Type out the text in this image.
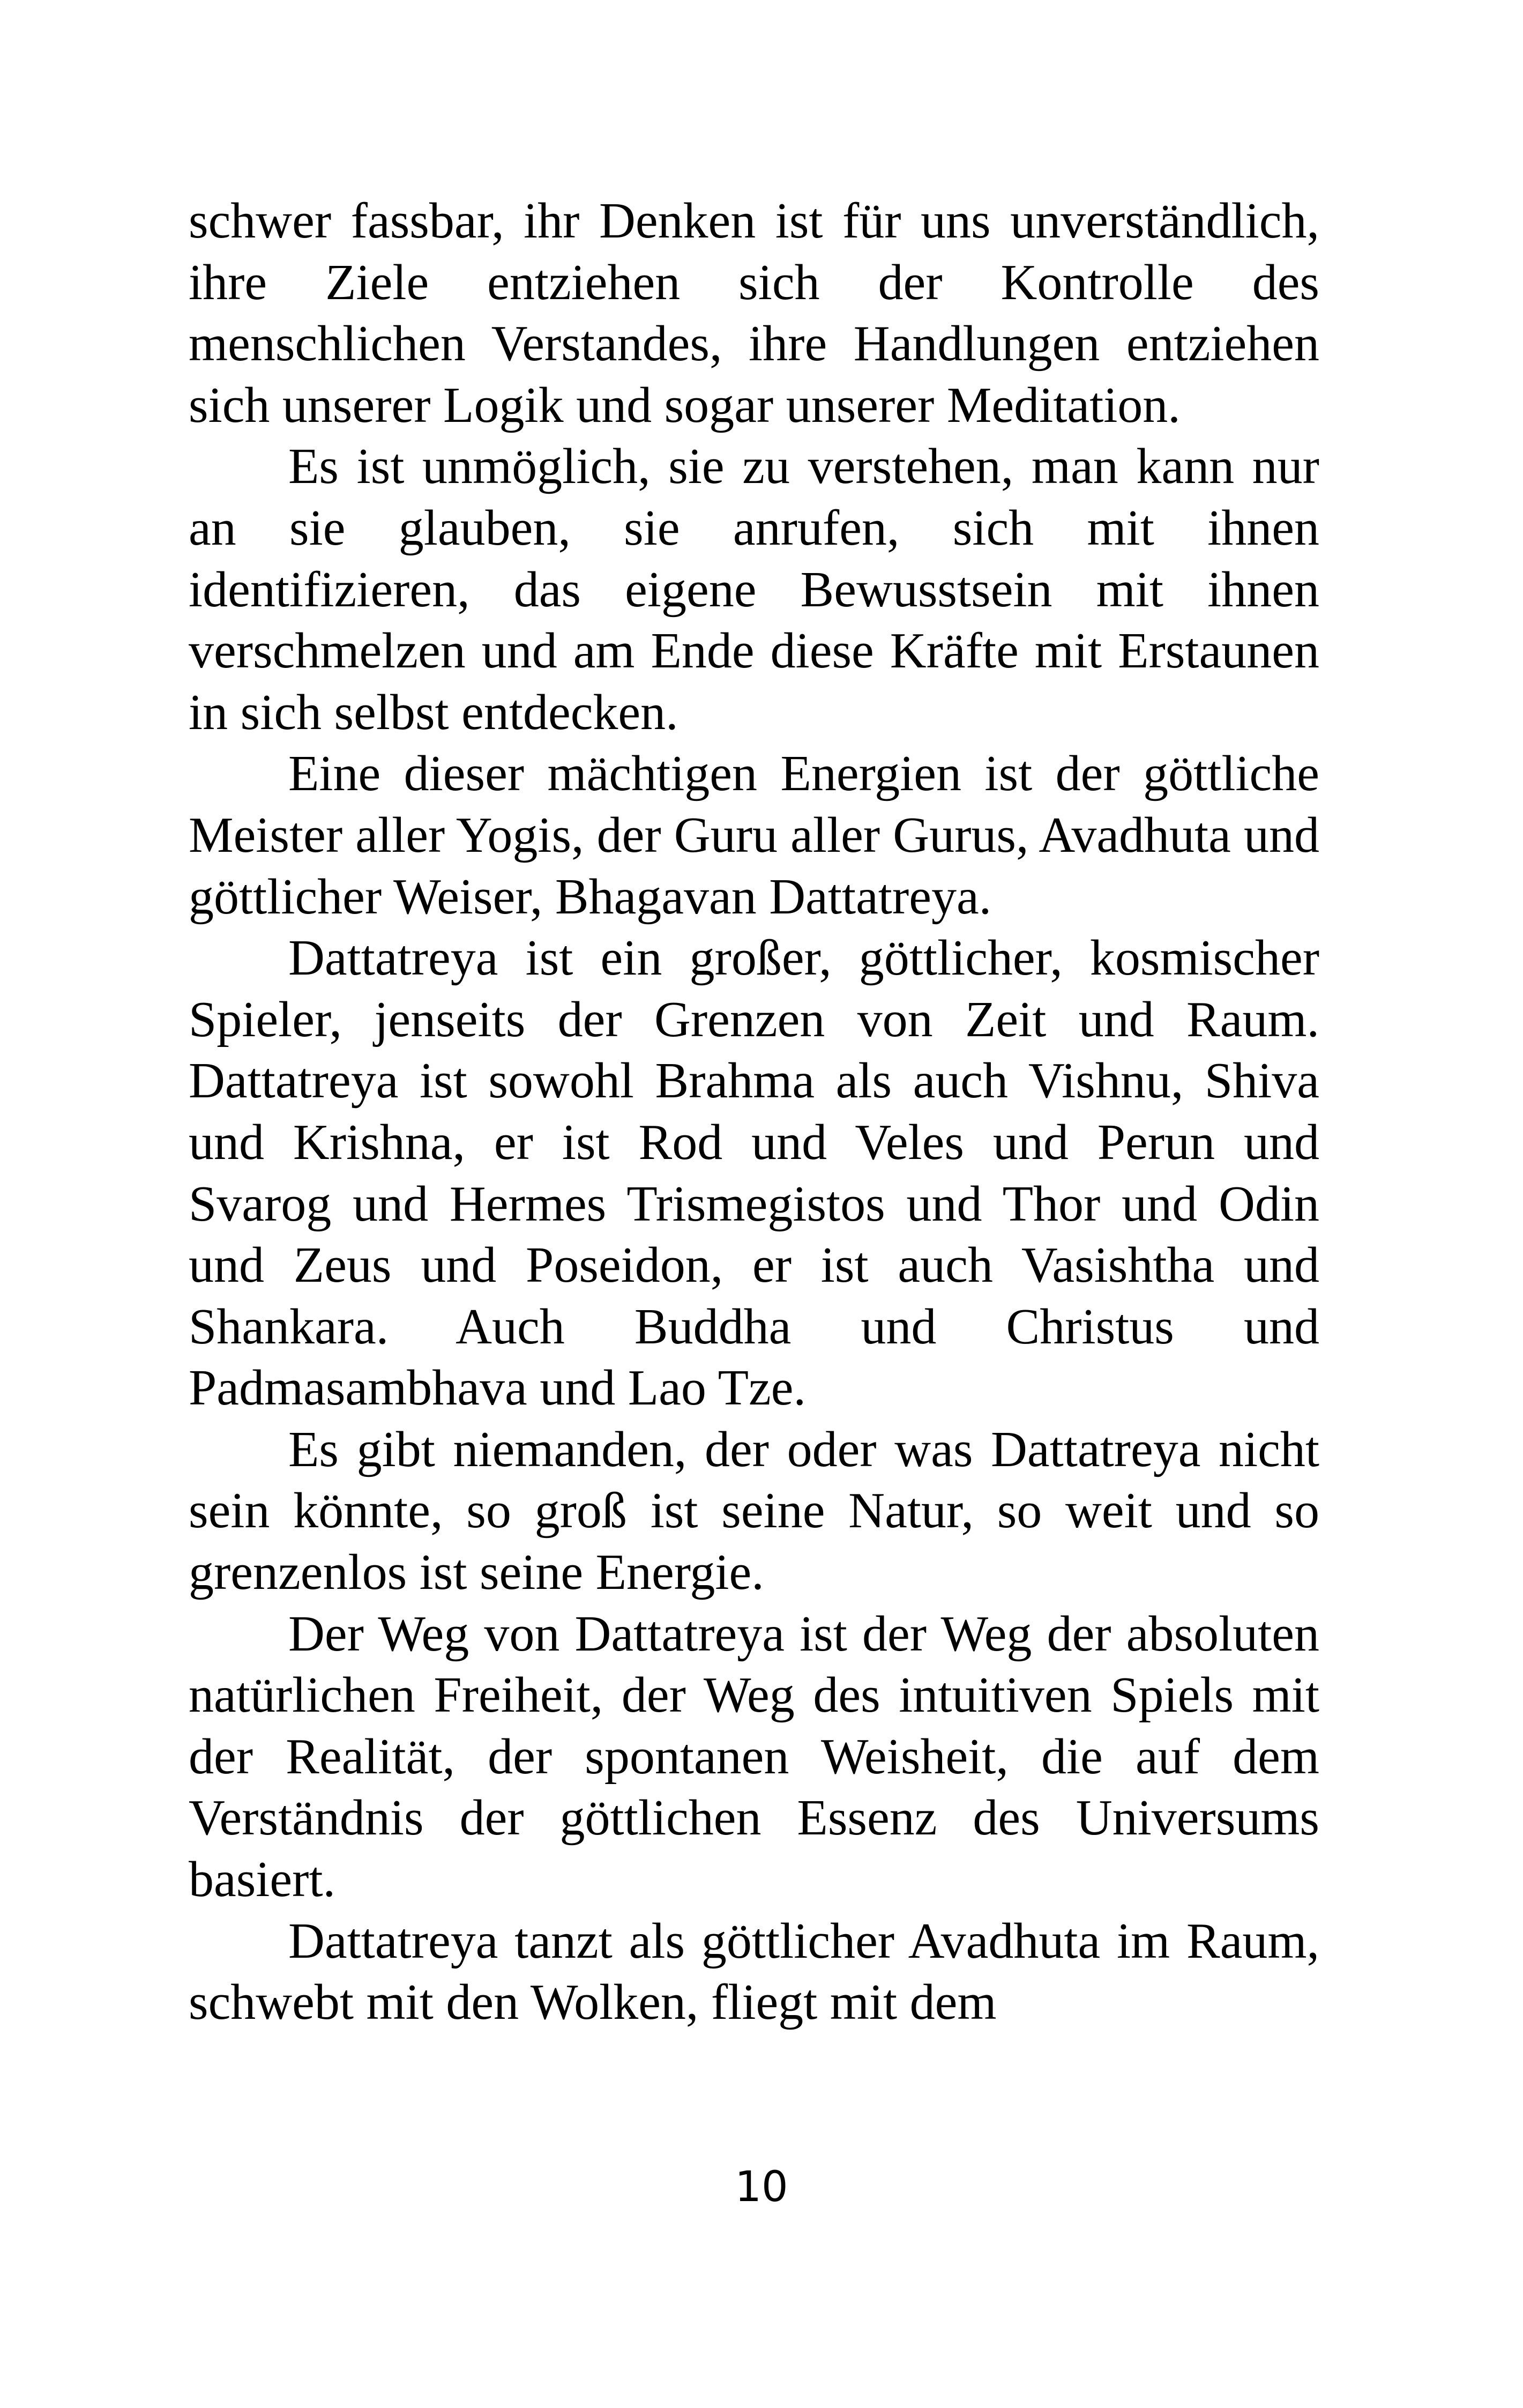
schwer fassbar, ihr Denken ist für uns unverständlich, ihre Ziele entziehen sich der Kontrolle des menschlichen Verstandes, ihre Handlungen entziehen sich unserer Logik und sogar unserer Meditation.

Es ist unmöglich, sie zu verstehen, man kann nur an sie glauben, sie anrufen, sich mit ihnen identifizieren, das eigene Bewusstsein mit ihnen verschmelzen und am Ende diese Kräfte mit Erstaunen in sich selbst entdecken.

Eine dieser mächtigen Energien ist der göttliche Meister aller Yogis, der Guru aller Gurus, Avadhuta und göttlicher Weiser, Bhagavan Dattatreya.

Dattatreya ist ein großer, göttlicher, kosmischer Spieler, jenseits der Grenzen von Zeit und Raum. Dattatreya ist sowohl Brahma als auch Vishnu, Shiva und Krishna, er ist Rod und Veles und Perun und Svarog und Hermes Trismegistos und Thor und Odin und Zeus und Poseidon, er ist auch Vasishtha und Shankara. Auch Buddha und Christus und Padmasambhava und Lao Tze.

Es gibt niemanden, der oder was Dattatreya nicht sein könnte, so groß ist seine Natur, so weit und so grenzenlos ist seine Energie.

Der Weg von Dattatreya ist der Weg der absoluten natürlichen Freiheit, der Weg des intuitiven Spiels mit der Realität, der spontanen Weisheit, die auf dem Verständnis der göttlichen Essenz des Universums basiert.

Dattatreya tanzt als göttlicher Avadhuta im Raum, schwebt mit den Wolken, fliegt mit dem

10
